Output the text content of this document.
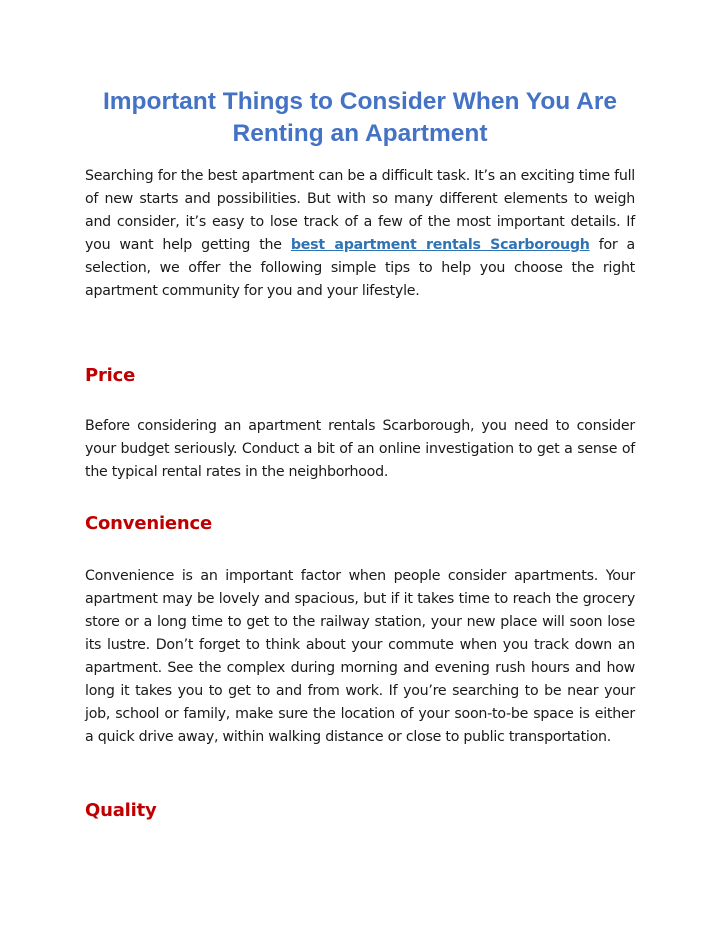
Important Things to Consider When You Are Renting an Apartment

Searching for the best apartment can be a difficult task. It’s an exciting time full of new starts and possibilities. But with so many different elements to weigh and consider, it’s easy to lose track of a few of the most important details. If you want help getting the best apartment rentals Scarborough for a selection, we offer the following simple tips to help you choose the right apartment community for you and your lifestyle.

Price

Before considering an apartment rentals Scarborough, you need to consider your budget seriously. Conduct a bit of an online investigation to get a sense of the typical rental rates in the neighborhood.

Convenience

Convenience is an important factor when people consider apartments. Your apartment may be lovely and spacious, but if it takes time to reach the grocery store or a long time to get to the railway station, your new place will soon lose its lustre. Don’t forget to think about your commute when you track down an apartment. See the complex during morning and evening rush hours and how long it takes you to get to and from work. If you’re searching to be near your job, school or family, make sure the location of your soon-to-be space is either a quick drive away, within walking distance or close to public transportation.

Quality
